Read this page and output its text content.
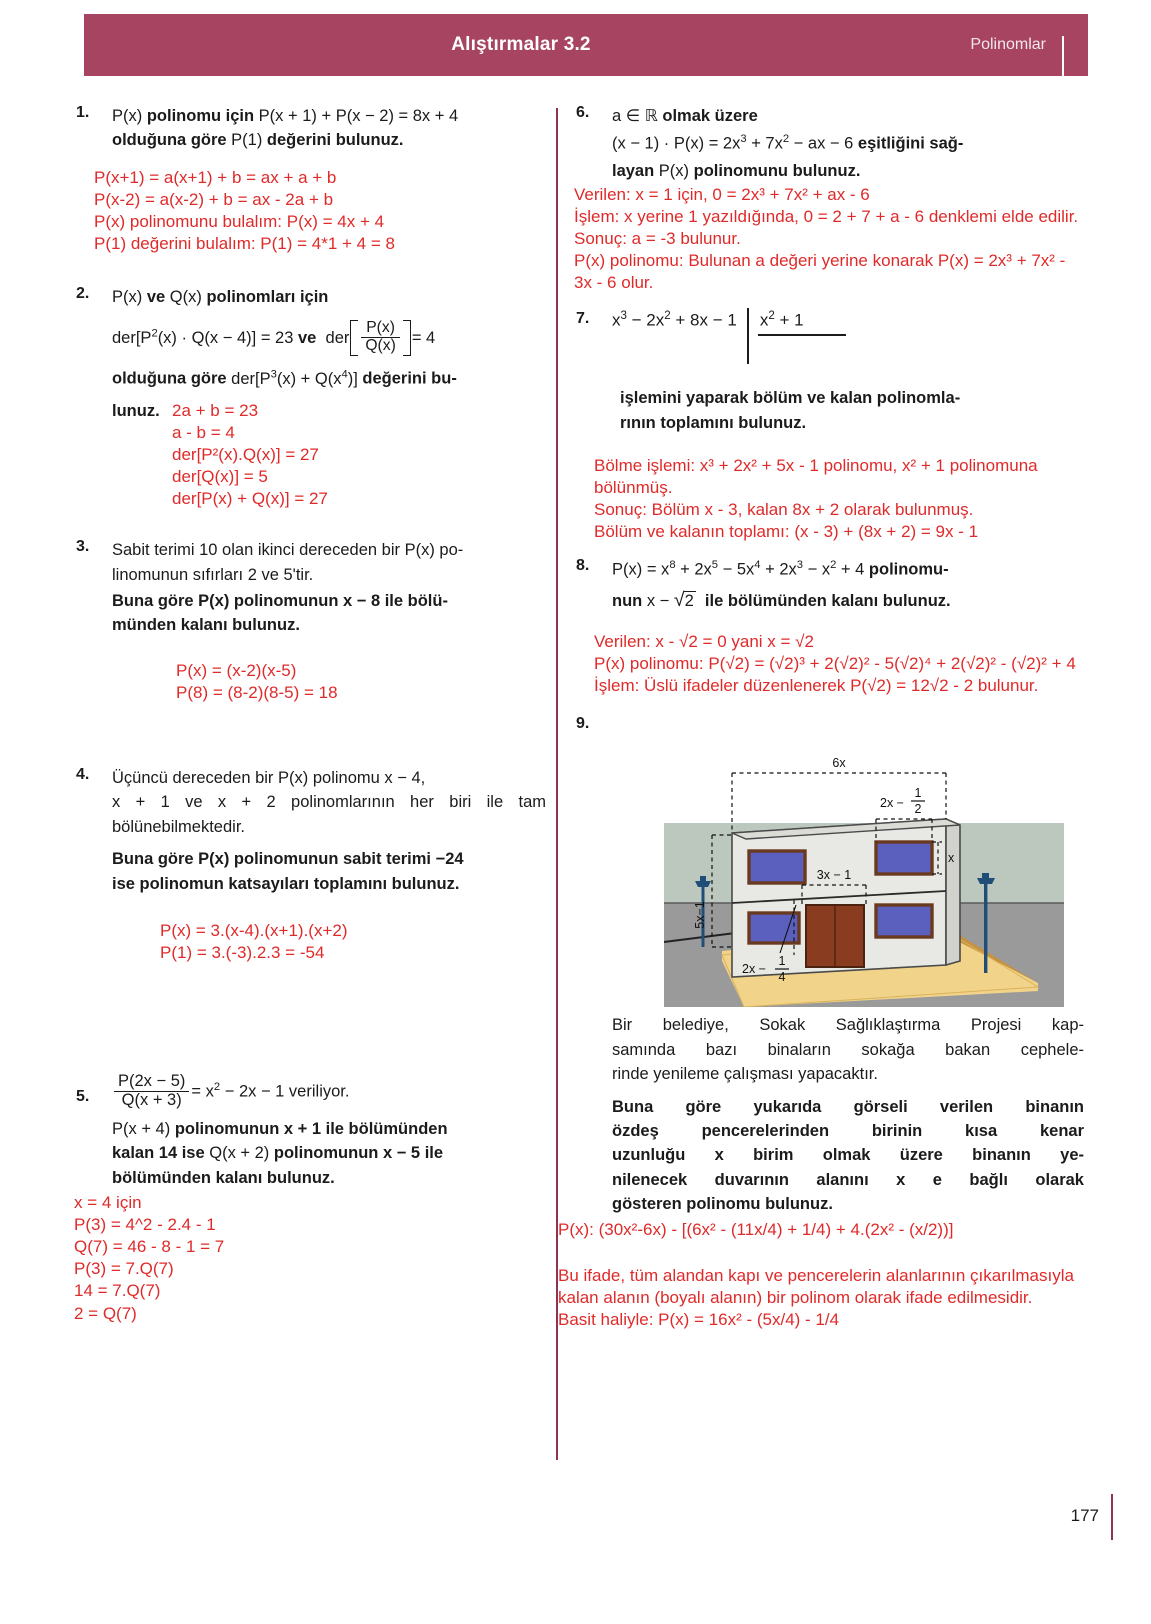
Alıştırmalar 3.2	Polinomlar
1.	P(x) polinomu için P(x + 1) + P(x − 2) = 8x + 4
olduğuna göre P(1) değerini bulunuz.
P(x+1) = a(x+1) + b = ax + a + b
P(x-2) = a(x-2) + b = ax - 2a + b
P(x) polinomunu bulalım: P(x) = 4x + 4
P(1) değerini bulalım: P(1) = 4*1 + 4 = 8
2.	P(x) ve Q(x) polinomları için
$der[P^2(x) \cdot Q(x - 4)] = 23$ ve  der $\frac{P(x)}{Q(x)} = 4$
olduğuna göre $der[P^3(x) + Q(x^4)]$ değerini bu-
lunuz. 2a + b = 23
a - b = 4
der[P²(x).Q(x)] = 27
der[Q(x)] = 5
der[P(x) + Q(x)] = 27
3.	Sabit terimi 10 olan ikinci dereceden bir P(x) po-
linomunun sıfırları 2 ve 5'tir.
Buna göre P(x) polinomunun x − 8 ile bölü-
münden kalanı bulunuz.
P(x) = (x-2)(x-5)
P(8) = (8-2)(8-5) = 18
4.	Üçüncü dereceden bir P(x) polinomu x − 4,
x + 1 ve x + 2 polinomlarının her biri ile tam
bölünebilmektedir.
Buna göre P(x) polinomunun sabit terimi −24
ise polinomun katsayıları toplamını bulunuz.
P(x) = 3.(x-4).(x+1).(x+2)
P(1) = 3.(-3).2.3 = -54
5.	$\frac{P(2x - 5)}{Q(x + 3)} = x^2 - 2x - 1$ veriliyor.
P(x + 4) polinomunun x + 1 ile bölümünden
kalan 14 ise Q(x + 2) polinomunun x − 5 ile
bölümünden kalanı bulunuz.
x = 4 için
P(3) = 4^2 - 2.4 - 1
Q(7) = 46 - 8 - 1 = 7
P(3) = 7.Q(7)
14 = 7.Q(7)
2 = Q(7)
6.	a ∈ ℝ olmak üzere
$(x - 1) \cdot P(x) = 2x^3 + 7x^2$ − ax − 6 eşitliğini sağ-
layan P(x) polinomunu bulunuz.
Verilen: x = 1 için, 0 = 2x³ + 7x² + ax - 6
İşlem: x yerine 1 yazıldığında, 0 = 2 + 7 + a - 6 denklemi elde edilir.
Sonuç: a = -3 bulunur.
P(x) polinomu: Bulunan a değeri yerine konarak P(x) = 2x³ + 7x² - 3x - 6 olur.
7.	$x^3 - 2x^2 + 8x - 1$	$x^2 + 1$
işlemini yaparak bölüm ve kalan polinomla-
rının toplamını bulunuz.
Bölme işlemi: x³ + 2x² + 5x - 1 polinomu, x² + 1 polinomuna bölünmüş.
Sonuç: Bölüm x - 3, kalan 8x + 2 olarak bulunmuş.
Bölüm ve kalanın toplamı: (x - 3) + (8x + 2) = 9x - 1
8.	$P(x) = x^8 + 2x^5 - 5x^4 + 2x^3 - x^2 + 4$ polinomu-
nun x − √2  ile bölümünden kalanı bulunuz.
Verilen: x - √2 = 0 yani x = √2
P(x) polinomu: P(√2) = (√2)³ + 2(√2)² - 5(√2)⁴ + 2(√2)² - (√2)² + 4
İşlem: Üslü ifadeler düzenlenerek P(√2) = 12√2 - 2 bulunur.
9.
6x
2x −
1
2
x
5x−1
3x − 1
2x −
1
4
Bir belediye, Sokak Sağlıklaştırma Projesi kap-
samında bazı binaların sokağa bakan cephele-
rinde yenileme çalışması yapacaktır.
Buna göre yukarıda görseli verilen binanın
özdeş pencerelerinden birinin kısa kenar
uzunluğu x birim olmak üzere binanın ye-
nilenecek duvarının alanını x e bağlı olarak
gösteren polinomu bulunuz.
P(x): (30x²-6x) - [(6x² - (11x/4) + 1/4) + 4.(2x² - (x/2))]
Bu ifade, tüm alandan kapı ve pencerelerin alanlarının çıkarılmasıyla kalan alanın (boyalı alanın) bir polinom olarak ifade edilmesidir.
Basit haliyle: P(x) = 16x² - (5x/4) - 1/4
177
